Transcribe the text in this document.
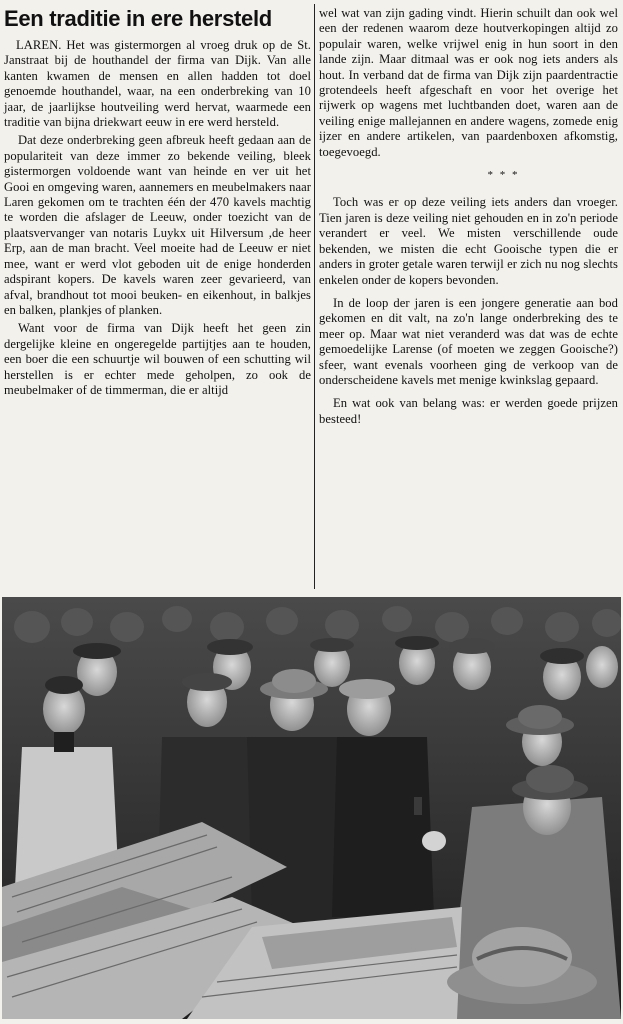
Een traditie in ere hersteld

LAREN. Het was gistermorgen al vroeg druk op de St. Janstraat bij de houthandel der firma van Dijk. Van alle kanten kwamen de mensen en allen hadden tot doel genoemde houthandel, waar, na een onderbreking van 10 jaar, de jaarlijkse houtveiling werd hervat, waarmede een traditie van bijna driekwart eeuw in ere werd hersteld.

Dat deze onderbreking geen afbreuk heeft gedaan aan de populariteit van deze immer zo bekende veiling, bleek gistermorgen voldoende want van heinde en ver uit het Gooi en omgeving waren, aannemers en meubelmakers naar Laren gekomen om te trachten één der 470 kavels machtig te worden die afslager de Leeuw, onder toezicht van de plaatsvervanger van notaris Luykx uit Hilversum ,de heer Erp, aan de man bracht. Veel moeite had de Leeuw er niet mee, want er werd vlot geboden uit de enige honderden adspirant kopers. De kavels waren zeer gevarieerd, van afval, brandhout tot mooi beuken- en eikenhout, in balkjes en balken, plankjes of planken.

Want voor de firma van Dijk heeft het geen zin dergelijke kleine en ongeregelde partijtjes aan te houden, een boer die een schuurtje wil bouwen of een schutting wil herstellen is er echter mede geholpen, zo ook de meubelmaker of de timmerman, die er altijd

wel wat van zijn gading vindt. Hierin schuilt dan ook wel een der redenen waarom deze houtverkopingen altijd zo populair waren, welke vrijwel enig in hun soort in den lande zijn. Maar ditmaal was er ook nog iets anders als hout. In verband dat de firma van Dijk zijn paardentractie grotendeels heeft afgeschaft en voor het overige het rijwerk op wagens met luchtbanden doet, waren aan de veiling enige mallejannen en andere wagens, zomede enig ijzer en andere artikelen, van paardenboxen afkomstig, toegevoegd.

* * *

Toch was er op deze veiling iets anders dan vroeger. Tien jaren is deze veiling niet gehouden en in zo'n periode verandert er veel. We misten verschillende oude bekenden, we misten die echt Gooische typen die er anders in groter getale waren terwijl er zich nu nog slechts enkelen onder de kopers bevonden.

In de loop der jaren is een jongere generatie aan bod gekomen en dit valt, na zo'n lange onderbreking des te meer op. Maar wat niet veranderd was dat was de echte gemoedelijke Larense (of moeten we zeggen Gooische?) sfeer, want evenals voorheen ging de verkoop van de onderscheidene kavels met menige kwinkslag gepaard.

En wat ook van belang was: er werden goede prijzen besteed!
